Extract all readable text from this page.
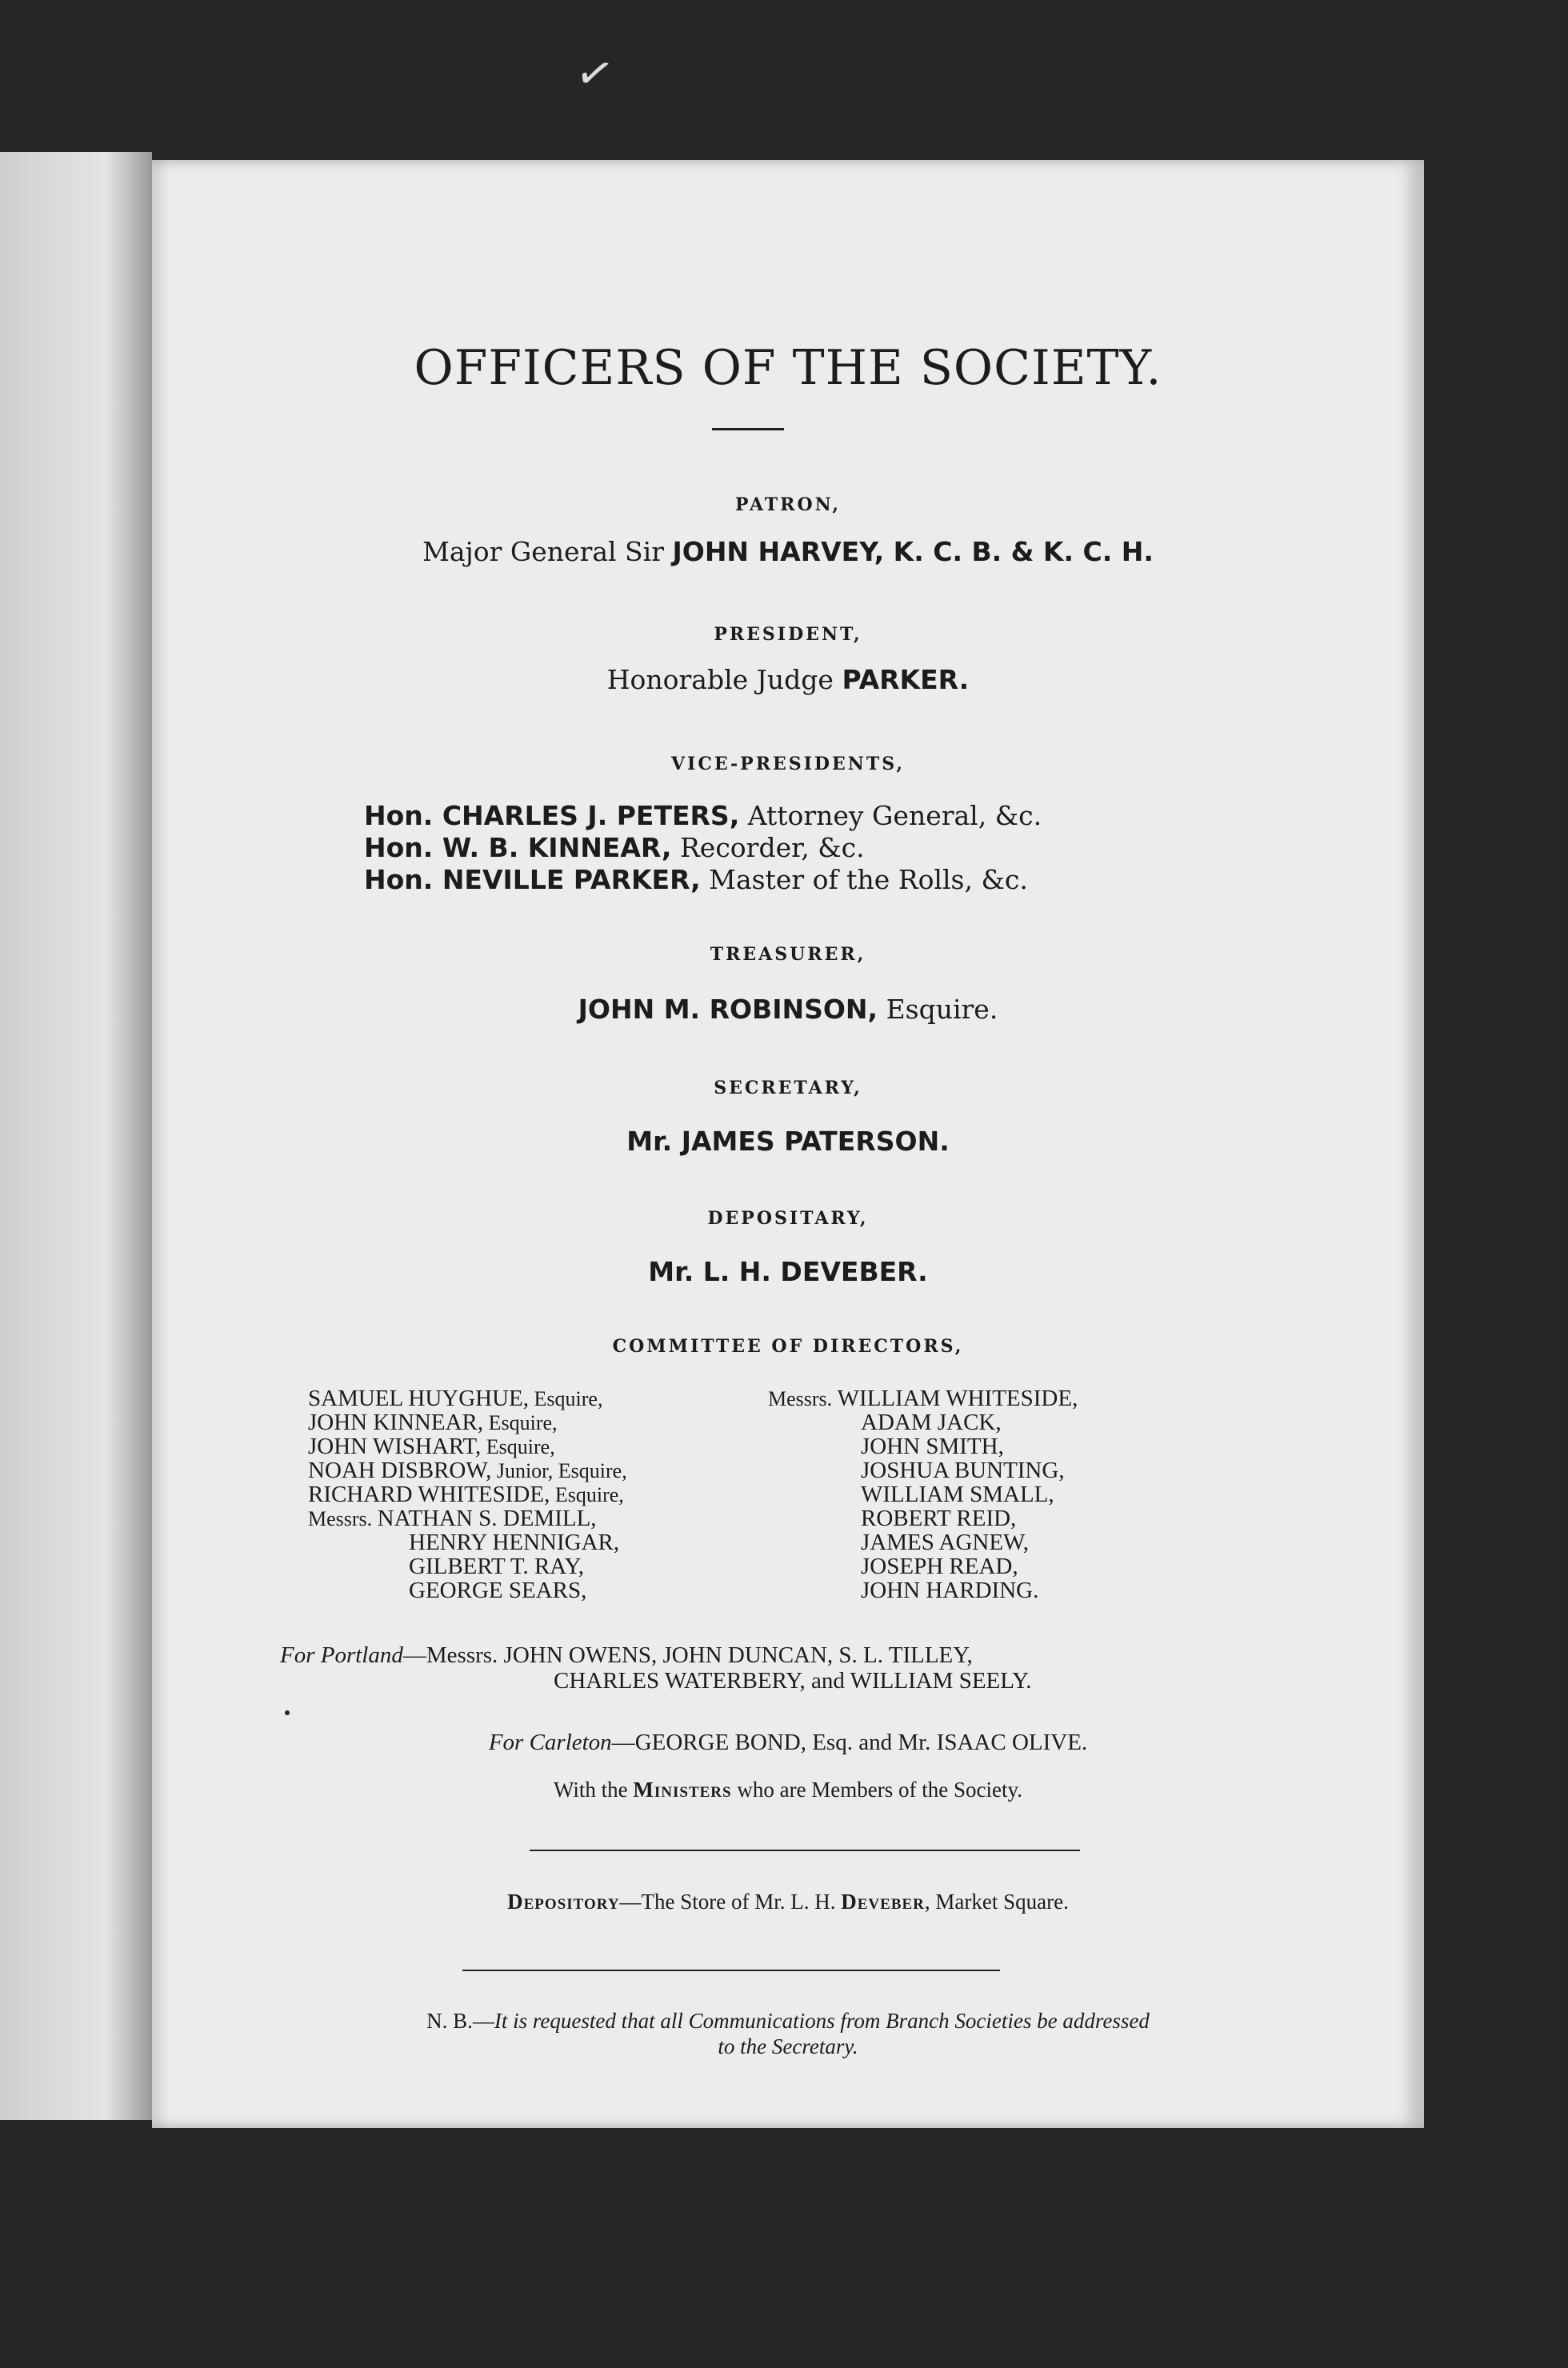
✓
OFFICERS OF THE SOCIETY.
PATRON,
Major General Sir JOHN HARVEY, K. C. B. & K. C. H.
PRESIDENT,
Honorable Judge PARKER.
VICE-PRESIDENTS,
Hon. CHARLES J. PETERS, Attorney General, &c.
Hon. W. B. KINNEAR, Recorder, &c.
Hon. NEVILLE PARKER, Master of the Rolls, &c.
TREASURER,
JOHN M. ROBINSON, Esquire.
SECRETARY,
Mr. JAMES PATERSON.
DEPOSITARY,
Mr. L. H. DEVEBER.
COMMITTEE OF DIRECTORS,
SAMUEL HUYGHUE, Esquire,
JOHN KINNEAR, Esquire,
JOHN WISHART, Esquire,
NOAH DISBROW, Junior, Esquire,
RICHARD WHITESIDE, Esquire,
Messrs. NATHAN S. DEMILL,
HENRY HENNIGAR,
GILBERT T. RAY,
GEORGE SEARS,
Messrs. WILLIAM WHITESIDE,
ADAM JACK,
JOHN SMITH,
JOSHUA BUNTING,
WILLIAM SMALL,
ROBERT REID,
JAMES AGNEW,
JOSEPH READ,
JOHN HARDING.
For Portland—Messrs. JOHN OWENS, JOHN DUNCAN, S. L. TILLEY,
CHARLES WATERBERY, and WILLIAM SEELY.
For Carleton—GEORGE BOND, Esq. and Mr. ISAAC OLIVE.
With the Ministers who are Members of the Society.
Depository—The Store of Mr. L. H. Deveber, Market Square.
N. B.—It is requested that all Communications from Branch Societies be addressed
to the Secretary.
